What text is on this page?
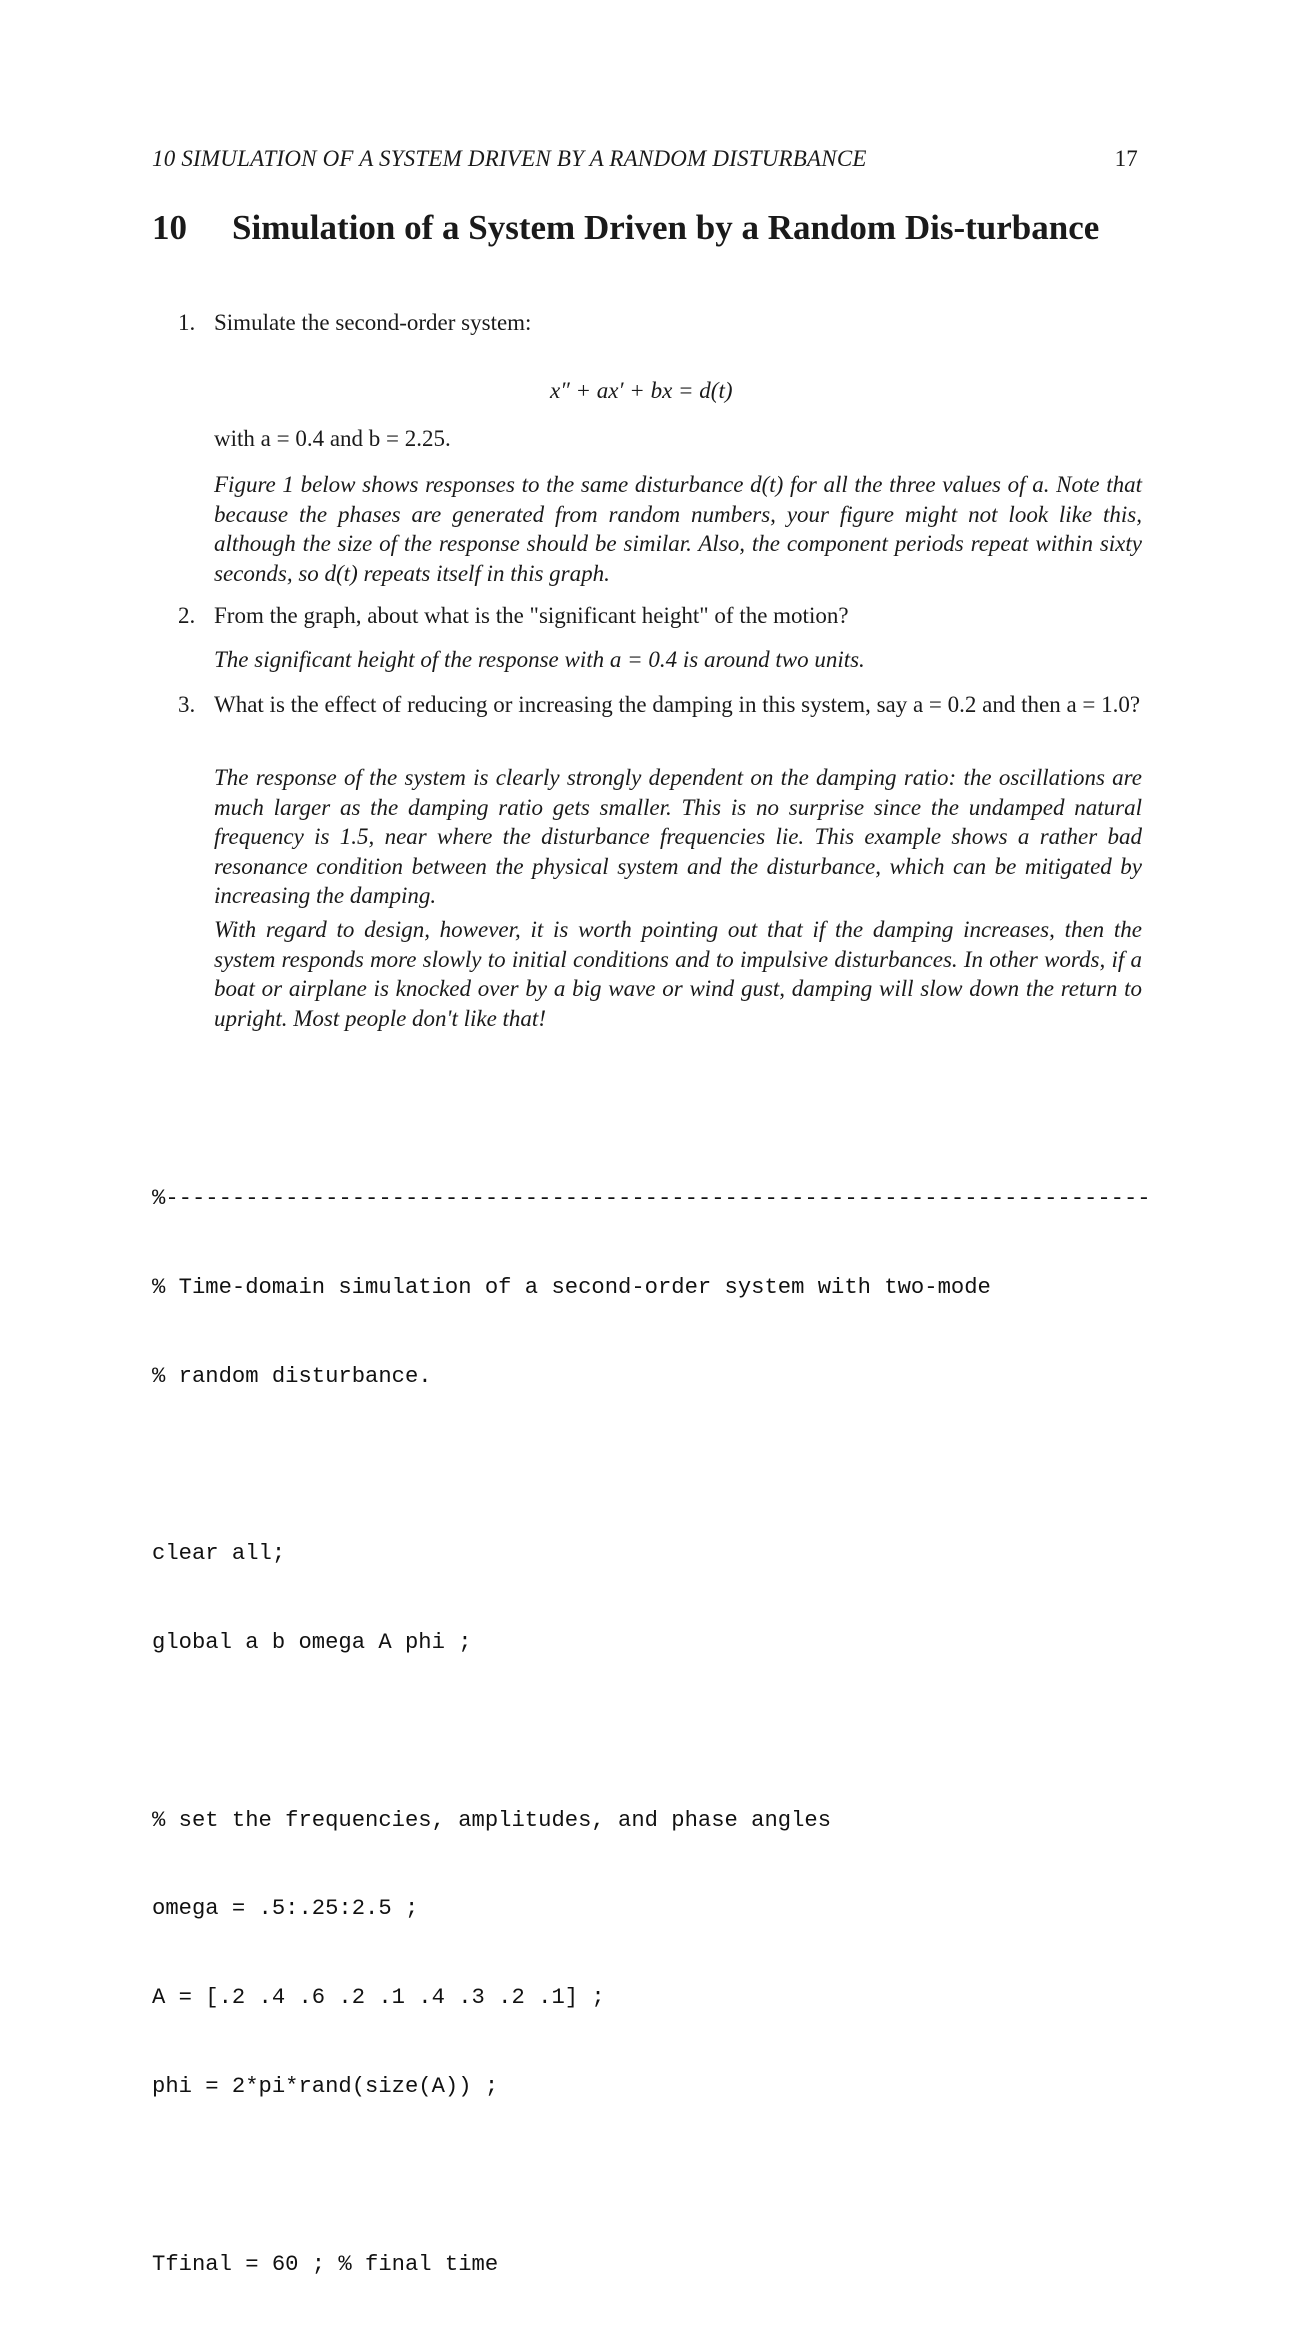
10 SIMULATION OF A SYSTEM DRIVEN BY A RANDOM DISTURBANCE	17
10 Simulation of a System Driven by a Random Dis-turbance
1. Simulate the second-order system:
x″ + ax′ + bx = d(t)
with a = 0.4 and b = 2.25.
Figure 1 below shows responses to the same disturbance d(t) for all the three values of a. Note that because the phases are generated from random numbers, your figure might not look like this, although the size of the response should be similar. Also, the component periods repeat within sixty seconds, so d(t) repeats itself in this graph.
2. From the graph, about what is the "significant height" of the motion?
The significant height of the response with a = 0.4 is around two units.
3. What is the effect of reducing or increasing the damping in this system, say a = 0.2 and then a = 1.0?
The response of the system is clearly strongly dependent on the damping ratio: the oscillations are much larger as the damping ratio gets smaller. This is no surprise since the undamped natural frequency is 1.5, near where the disturbance frequencies lie. This example shows a rather bad resonance condition between the physical system and the disturbance, which can be mitigated by increasing the damping.
With regard to design, however, it is worth pointing out that if the damping increases, then the system responds more slowly to initial conditions and to impulsive disturbances. In other words, if a boat or airplane is knocked over by a big wave or wind gust, damping will slow down the return to upright. Most people don't like that!

%--------------------------------------------------------------------------

% Time-domain simulation of a second-order system with two-mode

% random disturbance.

clear all;

global a b omega A phi ;

% set the frequencies, amplitudes, and phase angles

omega = .5:.25:2.5 ;

A = [.2 .4 .6 .2 .1 .4 .3 .2 .1] ;

phi = 2*pi*rand(size(A)) ;

Tfinal = 60 ; % final time
